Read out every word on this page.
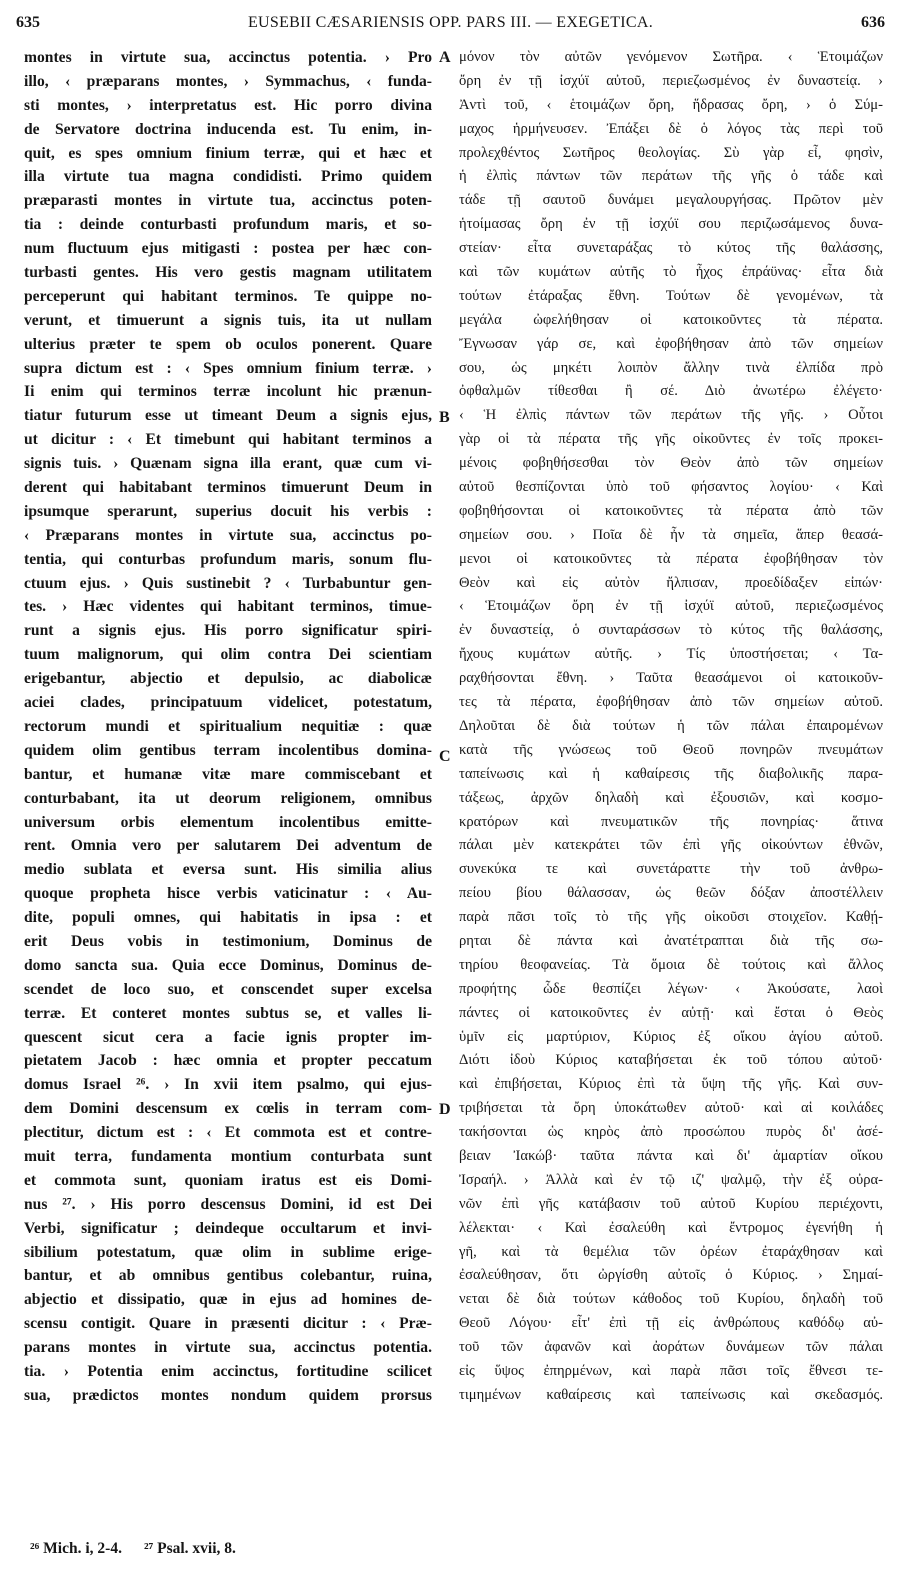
635	EUSEBII CÆSARIENSIS OPP. PARS III. — EXEGETICA.	636
montes in virtute sua, accinctus potentia. › Pro
illo, ‹ præparans montes, › Symmachus, ‹ funda-
sti montes, › interpretatus est. Hic porro divina
de Servatore doctrina inducenda est. Tu enim, in-
quit, es spes omnium finium terræ, qui et hæc et
illa virtute tua magna condidisti. Primo quidem
præparasti montes in virtute tua, accinctus poten-
tia : deinde conturbasti profundum maris, et so-
num fluctuum ejus mitigasti : postea per hæc con-
turbasti gentes. His vero gestis magnam utilitatem
perceperunt qui habitant terminos. Te quippe no-
verunt, et timuerunt a signis tuis, ita ut nullam
ulterius præter te spem ob oculos ponerent. Quare
supra dictum est : ‹ Spes omnium finium terræ. ›
Ii enim qui terminos terræ incolunt hic prænun-
tiatur futurum esse ut timeant Deum a signis ejus,
ut dicitur : ‹ Et timebunt qui habitant terminos a
signis tuis. › Quænam signa illa erant, quæ cum vi-
derent qui habitabant terminos timuerunt Deum in
ipsumque sperarunt, superius docuit his verbis :
‹ Præparans montes in virtute sua, accinctus po-
tentia, qui conturbas profundum maris, sonum flu-
ctuum ejus. › Quis sustinebit ? ‹ Turbabuntur gen-
tes. › Hæc videntes qui habitant terminos, timue-
runt a signis ejus. His porro significatur spiri-
tuum malignorum, qui olim contra Dei scientiam
erigebantur, abjectio et depulsio, ac diabolicæ
aciei clades, principatuum videlicet, potestatum,
rectorum mundi et spiritualium nequitiæ : quæ
quidem olim gentibus terram incolentibus domina-
bantur, et humanæ vitæ mare commiscebant et
conturbabant, ita ut deorum religionem, omnibus
universum orbis elementum incolentibus emitte-
rent. Omnia vero per salutarem Dei adventum de
medio sublata et eversa sunt. His similia alius
quoque propheta hisce verbis vaticinatur : ‹ Au-
dite, populi omnes, qui habitatis in ipsa : et
erit Deus vobis in testimonium, Dominus de
domo sancta sua. Quia ecce Dominus, Dominus de-
scendet de loco suo, et conscendet super excelsa
terræ. Et conteret montes subtus se, et valles li-
quescent sicut cera a facie ignis propter im-
pietatem Jacob : hæc omnia et propter peccatum
domus Israel ²⁶. › In xvii item psalmo, qui ejus-
dem Domini descensum ex cœlis in terram com-
plectitur, dictum est : ‹ Et commota est et contre-
muit terra, fundamenta montium conturbata sunt
et commota sunt, quoniam iratus est eis Domi-
nus ²⁷. › His porro descensus Domini, id est Dei
Verbi, significatur ; deindeque occultarum et invi-
sibilium potestatum, quæ olim in sublime erige-
bantur, et ab omnibus gentibus colebantur, ruina,
abjectio et dissipatio, quæ in ejus ad homines de-
scensu contigit. Quare in præsenti dicitur : ‹ Præ-
parans montes in virtute sua, accinctus potentia.
tia. › Potentia enim accinctus, fortitudine scilicet
sua, prædictos montes nondum quidem prorsus
μόνον τὸν αὐτῶν γενόμενον Σωτῆρα. ‹ Ἑτοιμάζων
ὄρη ἐν τῇ ἰσχύϊ αὐτοῦ, περιεζωσμένος ἐν δυναστείᾳ. ›
Ἀντὶ τοῦ, ‹ ἑτοιμάζων ὄρη, ἥδρασας ὄρη, › ὁ Σύμ-
μαχος ἡρμήνευσεν. Ἐπάξει δὲ ὁ λόγος τὰς περὶ τοῦ
προλεχθέντος Σωτῆρος θεολογίας. Σὺ γὰρ εἶ, φησὶν,
ἡ ἐλπὶς πάντων τῶν περάτων τῆς γῆς ὁ τάδε καὶ
τάδε τῇ σαυτοῦ δυνάμει μεγαλουργήσας. Πρῶτον μὲν
ἡτοίμασας ὄρη ἐν τῇ ἰσχύϊ σου περιζωσάμενος δυνα-
στείαν· εἶτα συνεταράξας τὸ κύτος τῆς θαλάσσης,
καὶ τῶν κυμάτων αὐτῆς τὸ ἦχος ἐπράϋνας· εἶτα διὰ
τούτων ἐτάραξας ἔθνη. Τούτων δὲ γενομένων, τὰ
μεγάλα ὠφελήθησαν οἱ κατοικοῦντες τὰ πέρατα.
Ἔγνωσαν γάρ σε, καὶ ἐφοβήθησαν ἀπὸ τῶν σημείων
σου, ὡς μηκέτι λοιπὸν ἄλλην τινὰ ἐλπίδα πρὸ
ὀφθαλμῶν τίθεσθαι ἢ σέ. Διὸ ἀνωτέρω ἐλέγετο·
‹ Ἡ ἐλπὶς πάντων τῶν περάτων τῆς γῆς. › Οὗτοι
γὰρ οἱ τὰ πέρατα τῆς γῆς οἰκοῦντες ἐν τοῖς προκει-
μένοις φοβηθήσεσθαι τὸν Θεὸν ἀπὸ τῶν σημείων
αὐτοῦ θεσπίζονται ὑπὸ τοῦ φήσαντος λογίου· ‹ Καὶ
φοβηθήσονται οἱ κατοικοῦντες τὰ πέρατα ἀπὸ τῶν
σημείων σου. › Ποῖα δὲ ἦν τὰ σημεῖα, ἅπερ θεασά-
μενοι οἱ κατοικοῦντες τὰ πέρατα ἐφοβήθησαν τὸν
Θεὸν καὶ εἰς αὐτὸν ἤλπισαν, προεδίδαξεν εἰπών·
‹ Ἑτοιμάζων ὄρη ἐν τῇ ἰσχύϊ αὐτοῦ, περιεζωσμένος
ἐν δυναστείᾳ, ὁ συνταράσσων τὸ κύτος τῆς θαλάσσης,
ἤχους κυμάτων αὐτῆς. › Τίς ὑποστήσεται; ‹ Τα-
ραχθήσονται ἔθνη. › Ταῦτα θεασάμενοι οἱ κατοικοῦν-
τες τὰ πέρατα, ἐφοβήθησαν ἀπὸ τῶν σημείων αὐτοῦ.
Δηλοῦται δὲ διὰ τούτων ἡ τῶν πάλαι ἐπαιρομένων
κατὰ τῆς γνώσεως τοῦ Θεοῦ πονηρῶν πνευμάτων
ταπείνωσις καὶ ἡ καθαίρεσις τῆς διαβολικῆς παρα-
τάξεως, ἀρχῶν δηλαδὴ καὶ ἐξουσιῶν, καὶ κοσμο-
κρατόρων καὶ πνευματικῶν τῆς πονηρίας· ἅτινα
πάλαι μὲν κατεκράτει τῶν ἐπὶ γῆς οἰκούντων ἐθνῶν,
συνεκύκα τε καὶ συνετάραττε τὴν τοῦ ἀνθρω-
πείου βίου θάλασσαν, ὡς θεῶν δόξαν ἀποστέλλειν
παρὰ πᾶσι τοῖς τὸ τῆς γῆς οἰκοῦσι στοιχεῖον. Καθῄ-
ρηται δὲ πάντα καὶ ἀνατέτραπται διὰ τῆς σω-
τηρίου θεοφανείας. Τὰ ὅμοια δὲ τούτοις καὶ ἄλλος
προφήτης ὧδε θεσπίζει λέγων· ‹ Ἀκούσατε, λαοὶ
πάντες οἱ κατοικοῦντες ἐν αὐτῇ· καὶ ἔσται ὁ Θεὸς
ὑμῖν εἰς μαρτύριον, Κύριος ἐξ οἴκου ἁγίου αὐτοῦ.
Διότι ἰδοὺ Κύριος καταβήσεται ἐκ τοῦ τόπου αὐτοῦ·
καὶ ἐπιβήσεται, Κύριος ἐπὶ τὰ ὕψη τῆς γῆς. Καὶ συν-
τριβήσεται τὰ ὄρη ὑποκάτωθεν αὐτοῦ· καὶ αἱ κοιλάδες
τακήσονται ὡς κηρὸς ἀπὸ προσώπου πυρὸς δι' ἀσέ-
βειαν Ἰακώβ· ταῦτα πάντα καὶ δι' ἁμαρτίαν οἴκου
Ἰσραήλ. › Ἀλλὰ καὶ ἐν τῷ ιζ' ψαλμῷ, τὴν ἐξ οὐρα-
νῶν ἐπὶ γῆς κατάβασιν τοῦ αὐτοῦ Κυρίου περιέχοντι,
λέλεκται· ‹ Καὶ ἐσαλεύθη καὶ ἔντρομος ἐγενήθη ἡ
γῆ, καὶ τὰ θεμέλια τῶν ὀρέων ἐταράχθησαν καὶ
ἐσαλεύθησαν, ὅτι ὠργίσθη αὐτοῖς ὁ Κύριος. › Σημαί-
νεται δὲ διὰ τούτων κάθοδος τοῦ Κυρίου, δηλαδὴ τοῦ
Θεοῦ Λόγου· εἶτ' ἐπὶ τῇ εἰς ἀνθρώπους καθόδῳ αὐ-
τοῦ τῶν ἀφανῶν καὶ ἀοράτων δυνάμεων τῶν πάλαι
εἰς ὕψος ἐπηρμένων, καὶ παρὰ πᾶσι τοῖς ἔθνεσι τε-
τιμημένων καθαίρεσις καὶ ταπείνωσις καὶ σκεδασμός.
A
B
C
D
²⁶ Mich. i, 2-4. ²⁷ Psal. xvii, 8.
